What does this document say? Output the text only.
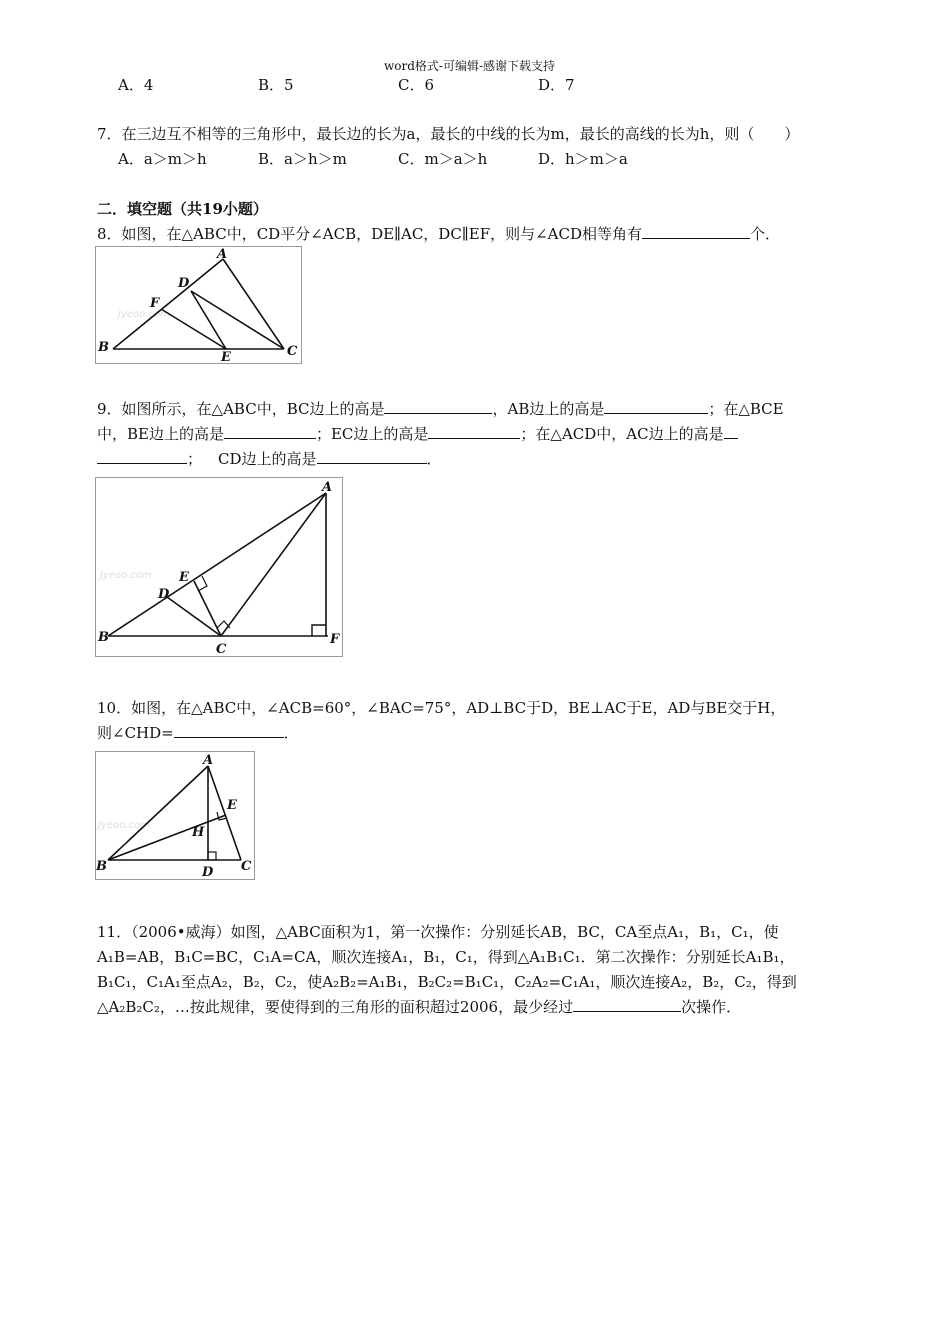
word格式-可编辑-感谢下载支持
A．4	B．5	C．6	D．7
7．在三边互不相等的三角形中，最长边的长为a，最长的中线的长为m，最长的高线的长为h，则（　　）
A．a＞m＞h	B．a＞h＞m	C．m＞a＞h	D．h＞m＞a
二．填空题（共19小题）
8．如图，在△ABC中，CD平分∠ACB，DE∥AC，DC∥EF，则与∠ACD相等角有	个．
Jyeoo.com
A
D
F
B
E	C
9．如图所示，在△ABC中，BC边上的高是	，AB边上的高是	；在△BCE
中，BE边上的高是	；EC边上的高是	；在△ACD中，AC边上的高是
； CD边上的高是	．
Jyeoo.com
A
E
D
B
C
F
10．如图，在△ABC中，∠ACB=60°，∠BAC=75°，AD⊥BC于D，BE⊥AC于E，AD与BE交于H，
则∠CHD=	．
Jyeoo.com
A
E
H
B	D C
11．（2006•威海）如图，△ABC面积为1，第一次操作：分别延长AB，BC，CA至点A₁，B₁，C₁，使
A₁B=AB，B₁C=BC，C₁A=CA，顺次连接A₁，B₁，C₁，得到△A₁B₁C₁．第二次操作：分别延长A₁B₁，
B₁C₁，C₁A₁至点A₂，B₂，C₂，使A₂B₂=A₁B₁，B₂C₂=B₁C₁，C₂A₂=C₁A₁，顺次连接A₂，B₂，C₂，得到
△A₂B₂C₂，…按此规律，要使得到的三角形的面积超过2006，最少经过	次操作．
